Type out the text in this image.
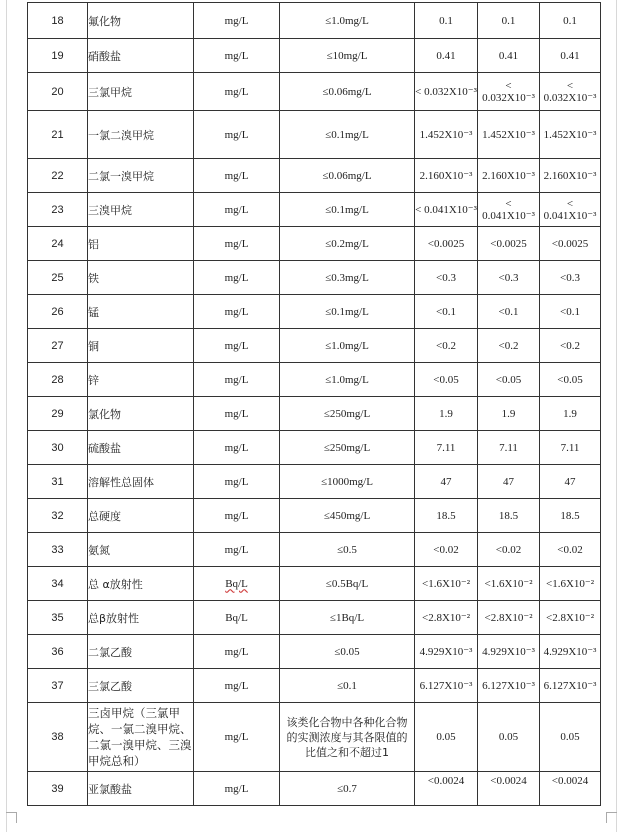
18	氟化物	mg/L	≤1.0mg/L	0.1	0.1	0.1
19	硝酸盐	mg/L	≤10mg/L	0.41	0.41	0.41
20	三氯甲烷	mg/L	≤0.06mg/L	< 0.032X10⁻³	< 0.032X10⁻³	< 0.032X10⁻³
21	一氯二溴甲烷	mg/L	≤0.1mg/L	1.452X10⁻³	1.452X10⁻³	1.452X10⁻³
22	二氯一溴甲烷	mg/L	≤0.06mg/L	2.160X10⁻³	2.160X10⁻³	2.160X10⁻³
23	三溴甲烷	mg/L	≤0.1mg/L	< 0.041X10⁻³	< 0.041X10⁻³	< 0.041X10⁻³
24	铝	mg/L	≤0.2mg/L	<0.0025	<0.0025	<0.0025
25	铁	mg/L	≤0.3mg/L	<0.3	<0.3	<0.3
26	锰	mg/L	≤0.1mg/L	<0.1	<0.1	<0.1
27	铜	mg/L	≤1.0mg/L	<0.2	<0.2	<0.2
28	锌	mg/L	≤1.0mg/L	<0.05	<0.05	<0.05
29	氯化物	mg/L	≤250mg/L	1.9	1.9	1.9
30	硫酸盐	mg/L	≤250mg/L	7.11	7.11	7.11
31	溶解性总固体	mg/L	≤1000mg/L	47	47	47
32	总硬度	mg/L	≤450mg/L	18.5	18.5	18.5
33	氨氮	mg/L	≤0.5	<0.02	<0.02	<0.02
34	总 α放射性	Bq/L	≤0.5Bq/L	<1.6X10⁻²	<1.6X10⁻²	<1.6X10⁻²
35	总β放射性	Bq/L	≤1Bq/L	<2.8X10⁻²	<2.8X10⁻²	<2.8X10⁻²
36	二氯乙酸	mg/L	≤0.05	4.929X10⁻³	4.929X10⁻³	4.929X10⁻³
37	三氯乙酸	mg/L	≤0.1	6.127X10⁻³	6.127X10⁻³	6.127X10⁻³
38	三卤甲烷（三氯甲烷、一氯二溴甲烷、二氯一溴甲烷、三溴甲烷总和）	mg/L	该类化合物中各种化合物的实测浓度与其各限值的比值之和不超过1	0.05	0.05	0.05
39	亚氯酸盐	mg/L	≤0.7	<0.0024	<0.0024	<0.0024
